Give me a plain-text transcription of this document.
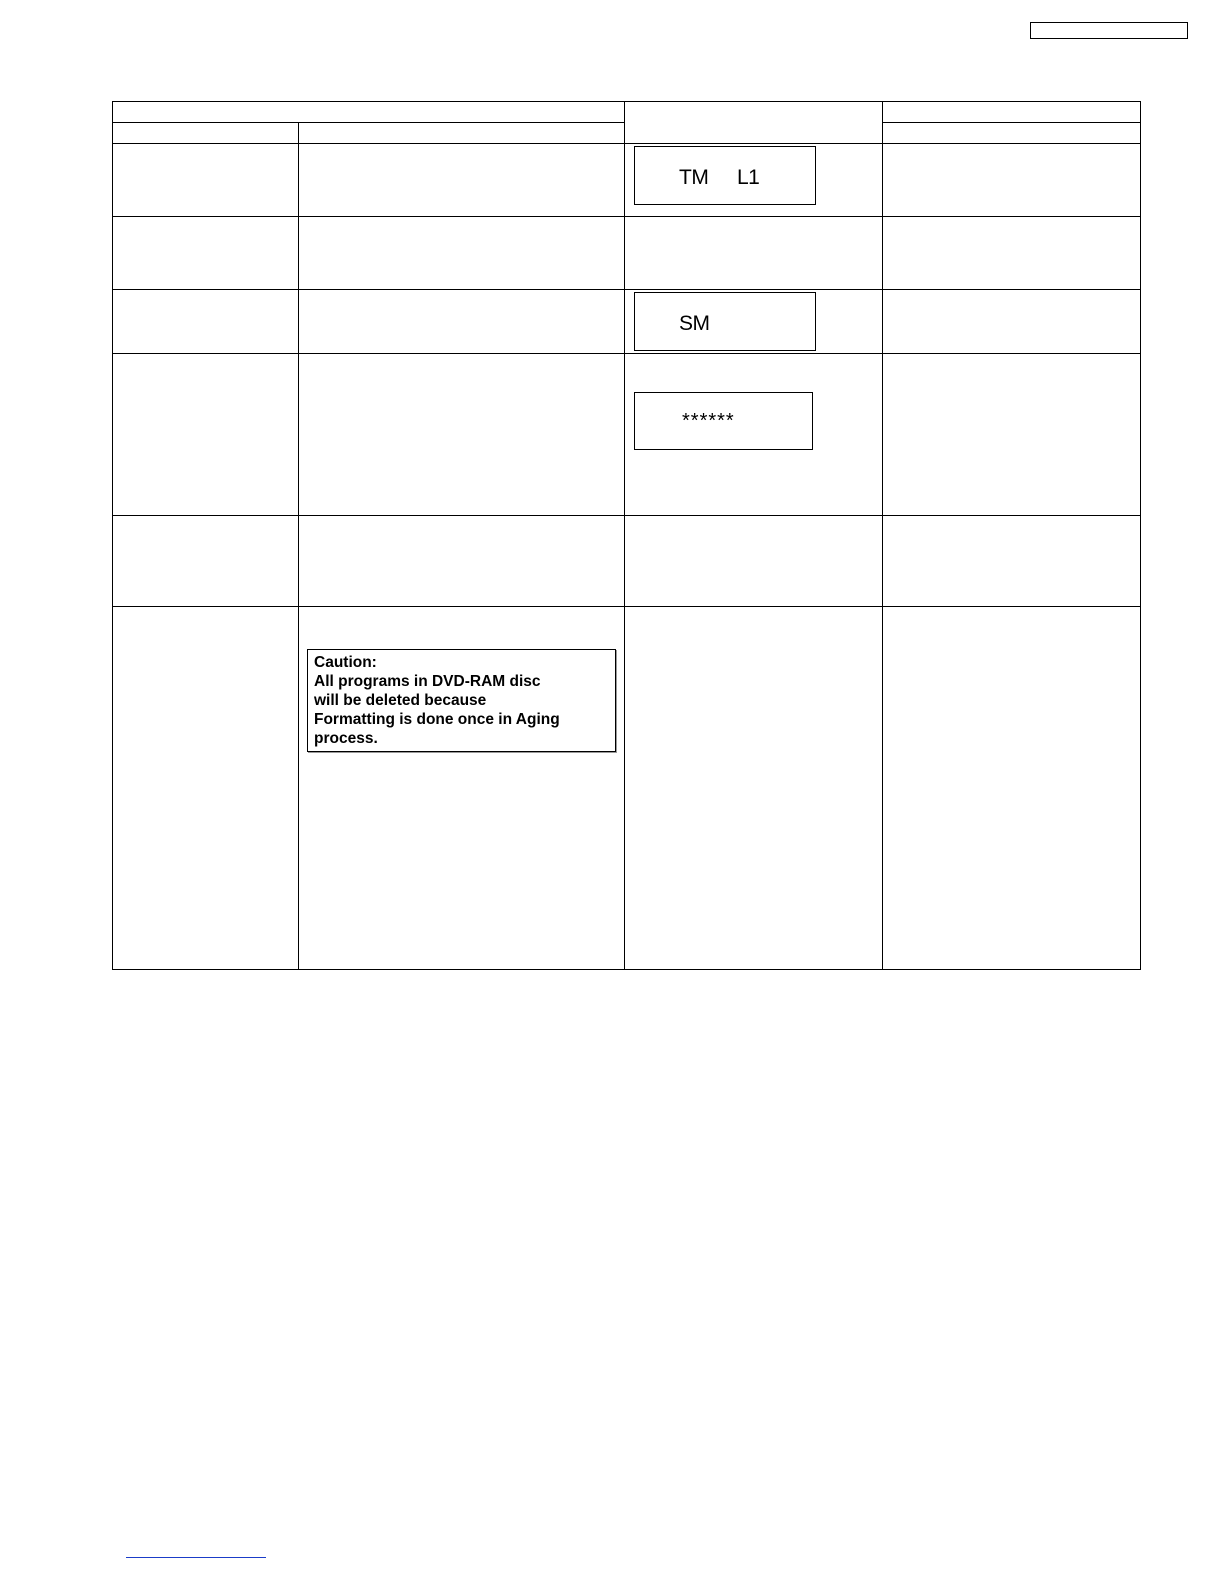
		TM L1	

		SM	

		******	

	Caution:
All programs in DVD-RAM disc
will be deleted because
Formatting is done once in Aging
process.		
